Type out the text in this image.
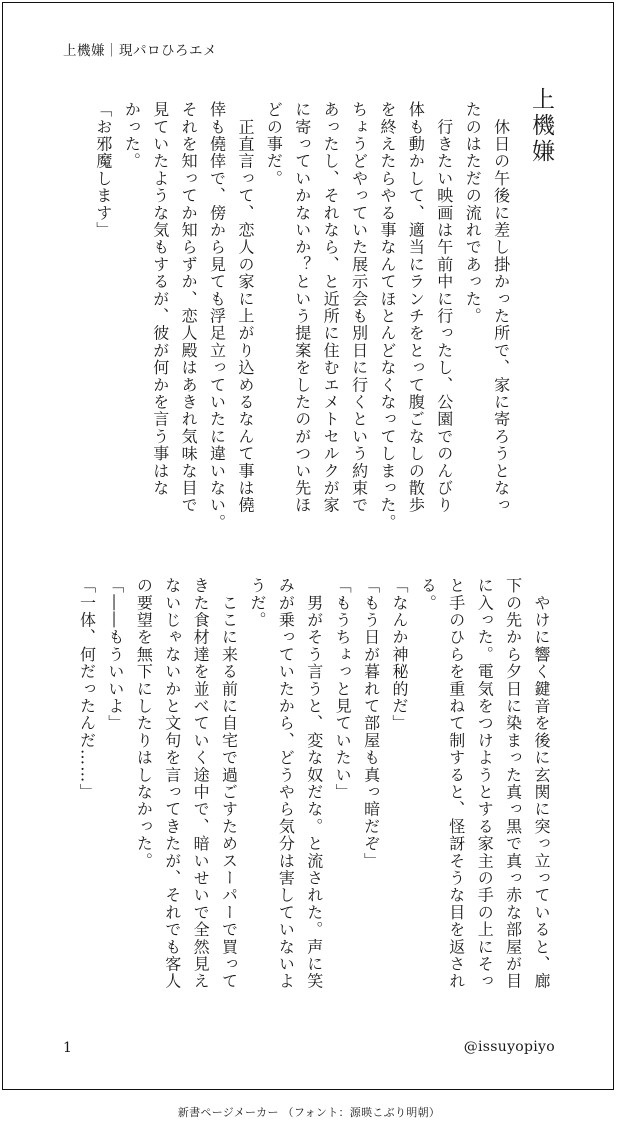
上機嫌｜現パロひろエメ
上機嫌
　休日の午後に差し掛かった所で、家に寄ろうとなっ
たのはただの流れであった。
　行きたい映画は午前中に行ったし、公園でのんびり
体も動かして、適当にランチをとって腹ごなしの散歩
を終えたらやる事なんてほとんどなくなってしまった。
ちょうどやっていた展示会も別日に行くという約束で
あったし、それなら、と近所に住むエメトセルクが家
に寄っていかないか？という提案をしたのがつい先ほ
どの事だ。
　正直言って、恋人の家に上がり込めるなんて事は僥
倖も僥倖で、傍から見ても浮足立っていたに違いない。
それを知ってか知らずか、恋人殿はあきれ気味な目で
見ていたような気もするが、彼が何かを言う事はな
かった。
「お邪魔します」
　やけに響く鍵音を後に玄関に突っ立っていると、廊
下の先から夕日に染まった真っ黒で真っ赤な部屋が目
に入った。電気をつけようとする家主の手の上にそっ
と手のひらを重ねて制すると、怪訝そうな目を返され
る。
「なんか神秘的だ」
「もう日が暮れて部屋も真っ暗だぞ」
「もうちょっと見ていたい」
　男がそう言うと、変な奴だな。と流された。声に笑
みが乗っていたから、どうやら気分は害していないよ
うだ。
　ここに来る前に自宅で過ごすためスーパーで買って
きた食材達を並べていく途中で、暗いせいで全然見え
ないじゃないかと文句を言ってきたが、それでも客人
の要望を無下にしたりはしなかった。
「――もういいよ」
「一体、何だったんだ……」
1	@issuyopiyo
新書ページメーカー （フォント：源暎こぶり明朝）
